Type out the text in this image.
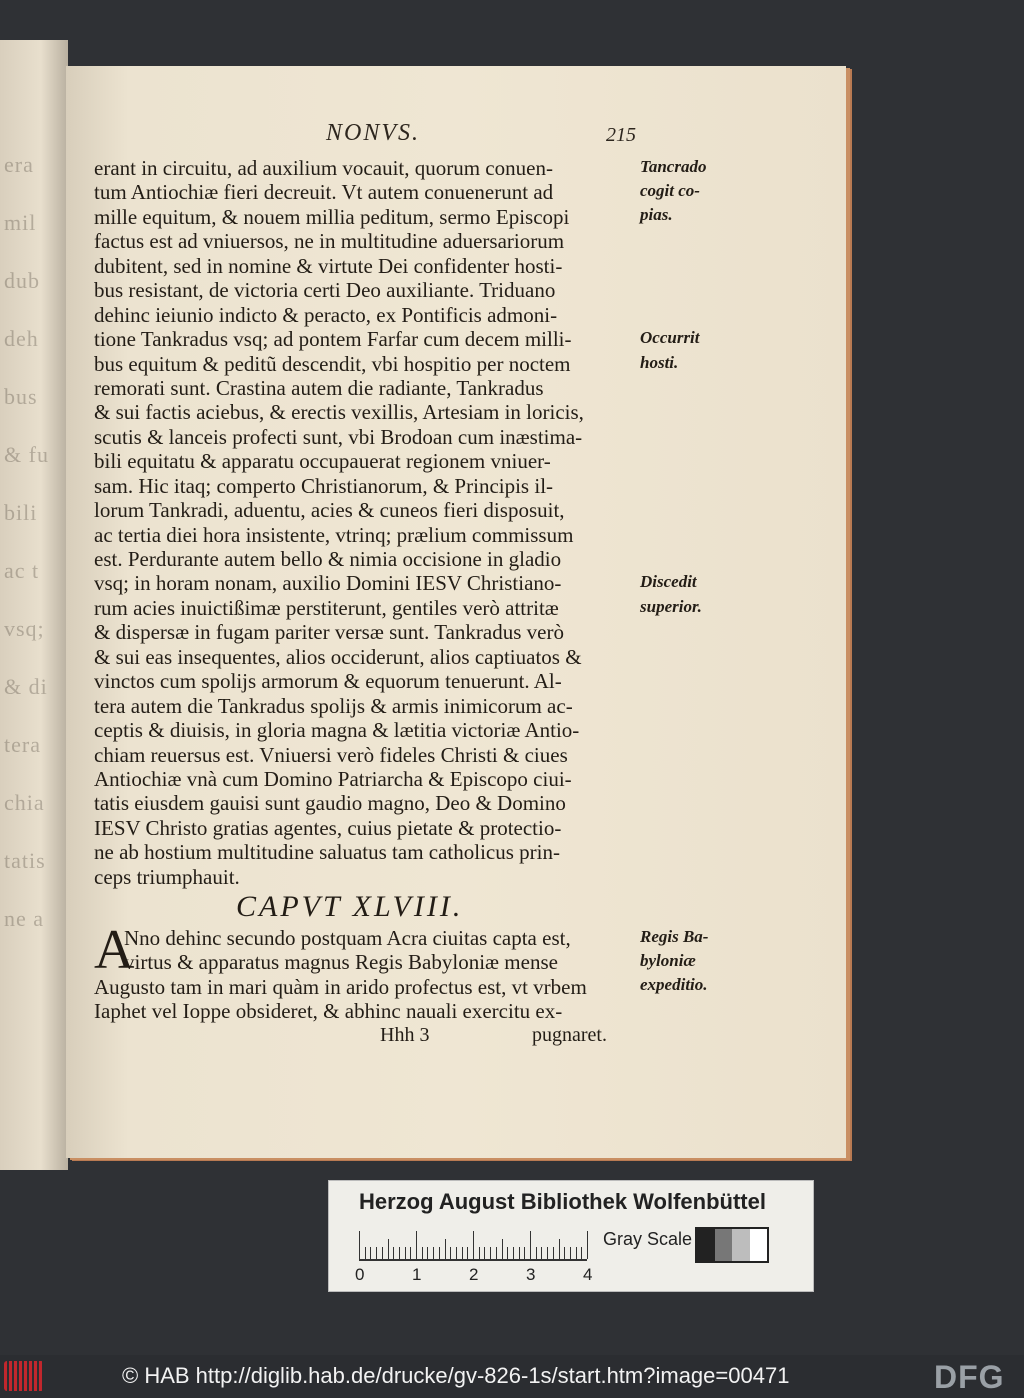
era
mil
dub
deh
bus
& fu
bili
ac t
vsq;
& di
tera
chia
tatis
ne a
NONVS.	215
erant in circuitu, ad auxilium vocauit, quorum conuen-
tum Antiochiæ fieri decreuit. Vt autem conuenerunt ad
mille equitum, & nouem millia peditum, sermo Episcopi
factus est ad vniuersos, ne in multitudine aduersariorum
dubitent, sed in nomine & virtute Dei confidenter hosti-
bus resistant, de victoria certi Deo auxiliante. Triduano
dehinc ieiunio indicto & peracto, ex Pontificis admoni-
tione Tankradus vsq; ad pontem Farfar cum decem milli-
bus equitum & peditũ descendit, vbi hospitio per noctem
remorati sunt. Crastina autem die radiante, Tankradus
& sui factis aciebus, & erectis vexillis, Artesiam in loricis,
scutis & lanceis profecti sunt, vbi Brodoan cum inæstima-
bili equitatu & apparatu occupauerat regionem vniuer-
sam. Hic itaq; comperto Christianorum, & Principis il-
lorum Tankradi, aduentu, acies & cuneos fieri disposuit,
ac tertia diei hora insistente, vtrinq; prælium commissum
est. Perdurante autem bello & nimia occisione in gladio
vsq; in horam nonam, auxilio Domini IESV Christiano-
rum acies inuictißimæ perstiterunt, gentiles verò attritæ
& dispersæ in fugam pariter versæ sunt. Tankradus verò
& sui eas insequentes, alios occiderunt, alios captiuatos &
vinctos cum spolijs armorum & equorum tenuerunt. Al-
tera autem die Tankradus spolijs & armis inimicorum ac-
ceptis & diuisis, in gloria magna & lætitia victoriæ Antio-
chiam reuersus est. Vniuersi verò fideles Christi & ciues
Antiochiæ vnà cum Domino Patriarcha & Episcopo ciui-
tatis eiusdem gauisi sunt gaudio magno, Deo & Domino
IESV Christo gratias agentes, cuius pietate & protectio-
ne ab hostium multitudine saluatus tam catholicus prin-
ceps triumphauit.
Tancrado
cogit co-
pias.
Occurrit
hosti.
Discedit
superior.
Regis Ba-
byloniæ
expeditio.
CAPVT XLVIII.
A
Nno dehinc secundo postquam Acra ciuitas capta est,
virtus & apparatus magnus Regis Babyloniæ mense
Augusto tam in mari quàm in arido profectus est, vt vrbem
Iaphet vel Ioppe obsideret, & abhinc nauali exercitu ex-
Hhh 3	pugnaret.
Herzog August Bibliothek Wolfenbüttel
0	1	2	3	4
Gray Scale
© HAB http://diglib.hab.de/drucke/gv-826-1s/start.htm?image=00471	DFG
